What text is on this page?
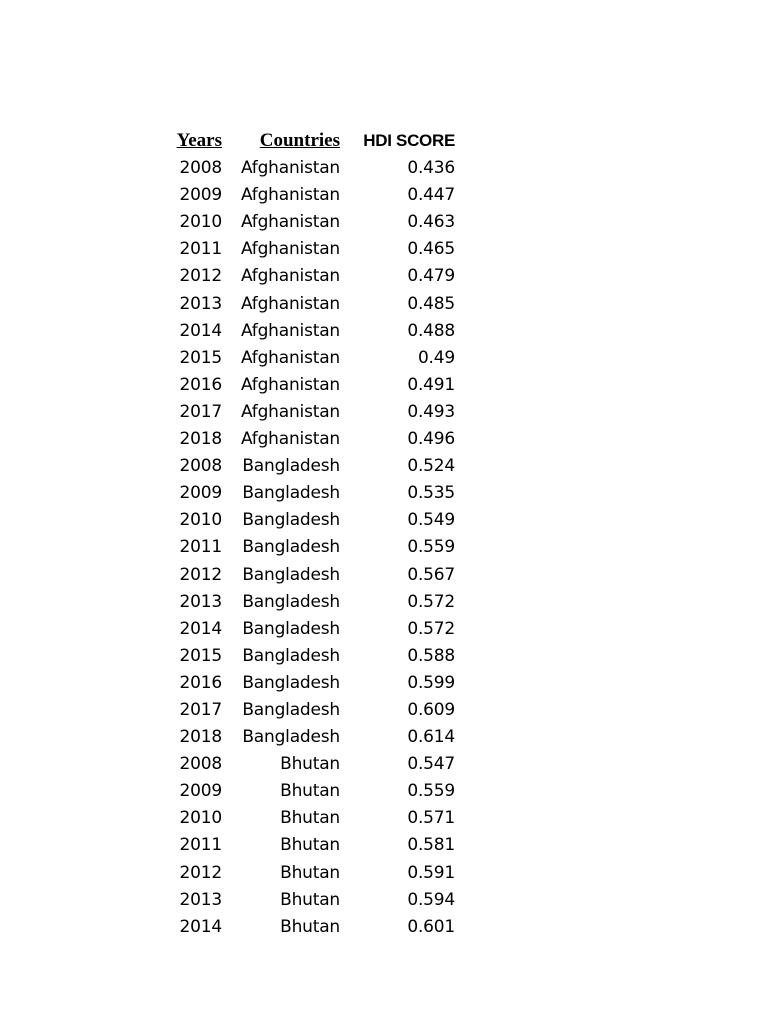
Years	Countries	HDI SCORE
2008	Afghanistan	0.436
2009	Afghanistan	0.447
2010	Afghanistan	0.463
2011	Afghanistan	0.465
2012	Afghanistan	0.479
2013	Afghanistan	0.485
2014	Afghanistan	0.488
2015	Afghanistan	0.49
2016	Afghanistan	0.491
2017	Afghanistan	0.493
2018	Afghanistan	0.496
2008	Bangladesh	0.524
2009	Bangladesh	0.535
2010	Bangladesh	0.549
2011	Bangladesh	0.559
2012	Bangladesh	0.567
2013	Bangladesh	0.572
2014	Bangladesh	0.572
2015	Bangladesh	0.588
2016	Bangladesh	0.599
2017	Bangladesh	0.609
2018	Bangladesh	0.614
2008	Bhutan	0.547
2009	Bhutan	0.559
2010	Bhutan	0.571
2011	Bhutan	0.581
2012	Bhutan	0.591
2013	Bhutan	0.594
2014	Bhutan	0.601
